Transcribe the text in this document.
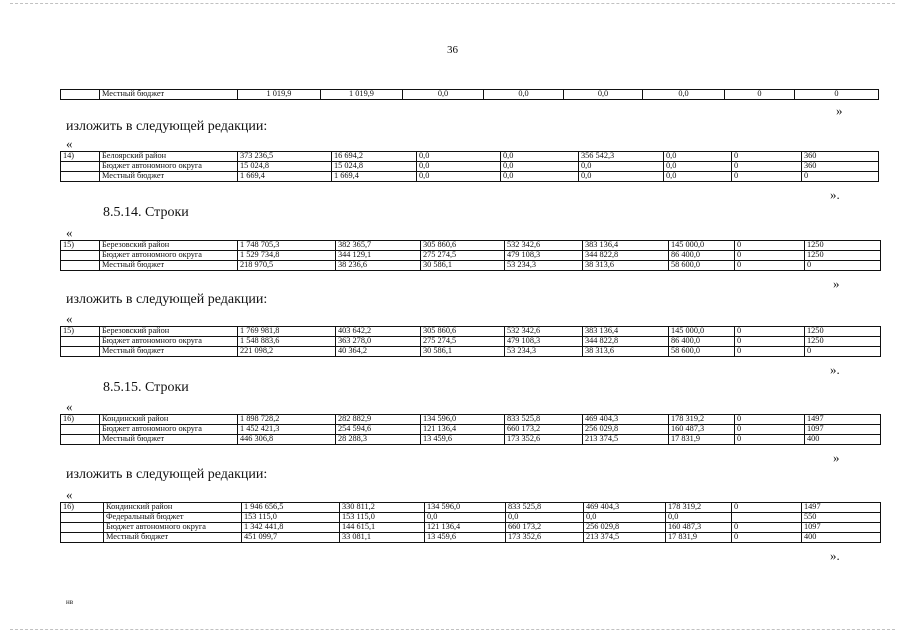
36
	Местный бюджет	1 019,9	1 019,9	0,0	0,0	0,0	0,0	0	0
»
изложить в следующей редакции:
«
14)	Белоярский район	373 236,5	16 694,2	0,0	0,0	356 542,3	0,0	0	360
	Бюджет автономного округа	15 024,8	15 024,8	0,0	0,0	0,0	0,0	0	360
	Местный бюджет	1 669,4	1 669,4	0,0	0,0	0,0	0,0	0	0
».
8.5.14. Строки
«
15)	Березовский район	1 748 705,3	382 365,7	305 860,6	532 342,6	383 136,4	145 000,0	0	1250
	Бюджет автономного округа	1 529 734,8	344 129,1	275 274,5	479 108,3	344 822,8	86 400,0	0	1250
	Местный бюджет	218 970,5	38 236,6	30 586,1	53 234,3	38 313,6	58 600,0	0	0
»
изложить в следующей редакции:
«
15)	Березовский район	1 769 981,8	403 642,2	305 860,6	532 342,6	383 136,4	145 000,0	0	1250
	Бюджет автономного округа	1 548 883,6	363 278,0	275 274,5	479 108,3	344 822,8	86 400,0	0	1250
	Местный бюджет	221 098,2	40 364,2	30 586,1	53 234,3	38 313,6	58 600,0	0	0
».
8.5.15. Строки
«
16)	Кондинский район	1 898 728,2	282 882,9	134 596,0	833 525,8	469 404,3	178 319,2	0	1497
	Бюджет автономного округа	1 452 421,3	254 594,6	121 136,4	660 173,2	256 029,8	160 487,3	0	1097
	Местный бюджет	446 306,8	28 288,3	13 459,6	173 352,6	213 374,5	17 831,9	0	400
»
изложить в следующей редакции:
«
16)	Кондинский район	1 946 656,5	330 811,2	134 596,0	833 525,8	469 404,3	178 319,2	0	1497
	Федеральный бюджет	153 115,0	153 115,0	0,0	0,0	0,0	0,0		550
	Бюджет автономного округа	1 342 441,8	144 615,1	121 136,4	660 173,2	256 029,8	160 487,3	0	1097
	Местный бюджет	451 099,7	33 081,1	13 459,6	173 352,6	213 374,5	17 831,9	0	400
».
нв
